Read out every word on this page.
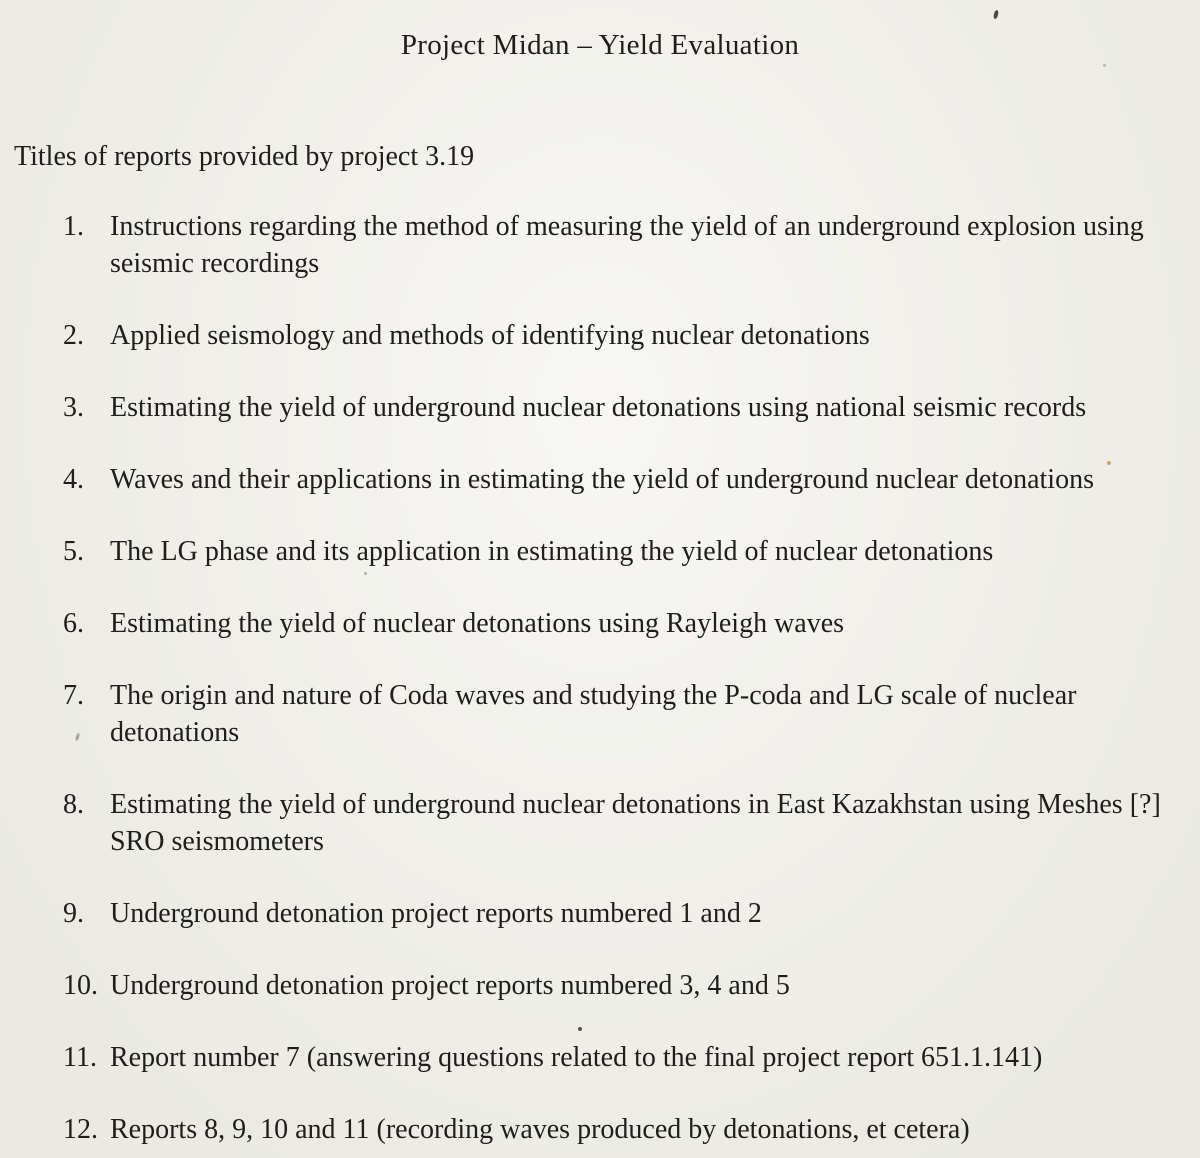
Project Midan – Yield Evaluation

Titles of reports provided by project 3.19

1. Instructions regarding the method of measuring the yield of an underground explosion using seismic recordings
2. Applied seismology and methods of identifying nuclear detonations
3. Estimating the yield of underground nuclear detonations using national seismic records
4. Waves and their applications in estimating the yield of underground nuclear detonations
5. The LG phase and its application in estimating the yield of nuclear detonations
6. Estimating the yield of nuclear detonations using Rayleigh waves
7. The origin and nature of Coda waves and studying the P-coda and LG scale of nuclear detonations
8. Estimating the yield of underground nuclear detonations in East Kazakhstan using Meshes [?] SRO seismometers
9. Underground detonation project reports numbered 1 and 2
10. Underground detonation project reports numbered 3, 4 and 5
11. Report number 7 (answering questions related to the final project report 651.1.141)
12. Reports 8, 9, 10 and 11 (recording waves produced by detonations, et cetera)
